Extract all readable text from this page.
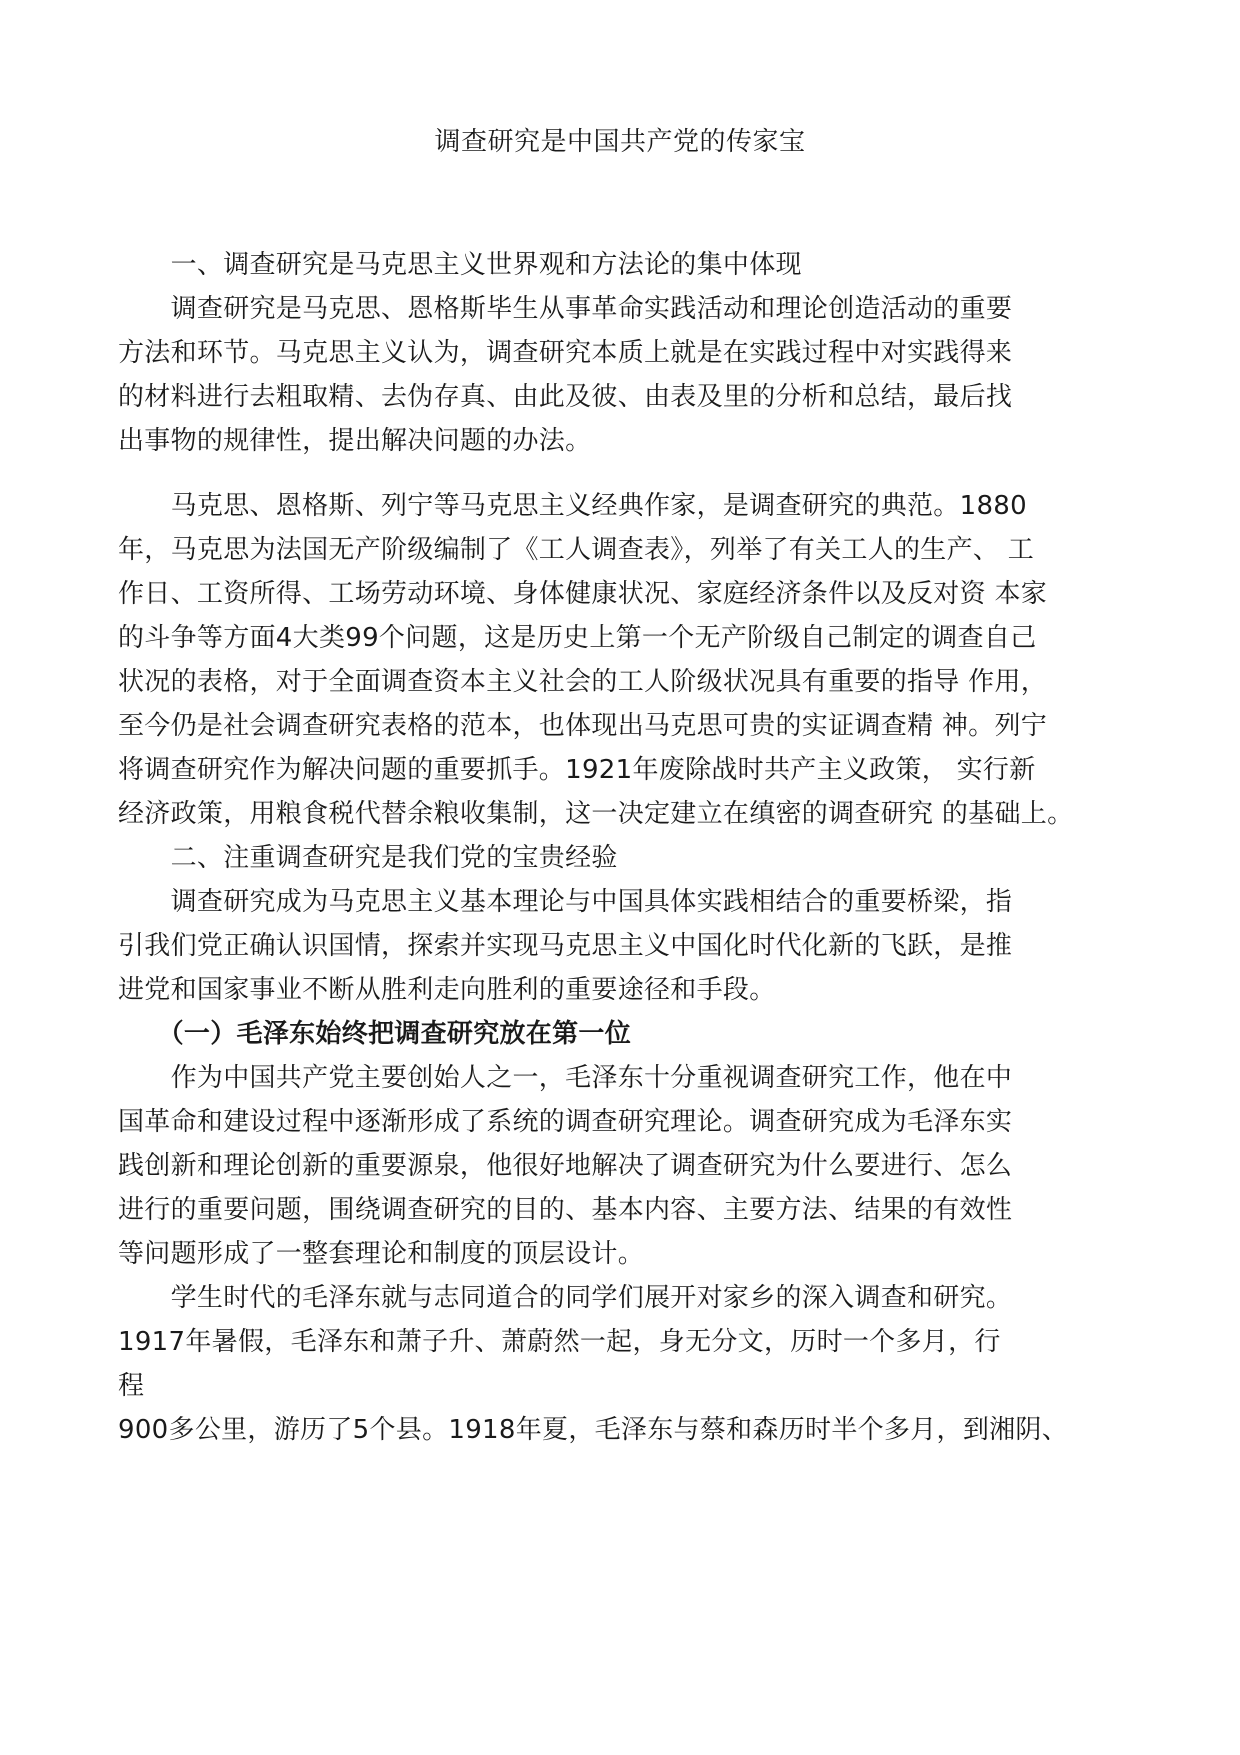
调查研究是中国共产党的传家宝
　　一、调查研究是马克思主义世界观和方法论的集中体现
　　调查研究是马克思、恩格斯毕生从事革命实践活动和理论创造活动的重要
方法和环节。马克思主义认为，调查研究本质上就是在实践过程中对实践得来
的材料进行去粗取精、去伪存真、由此及彼、由表及里的分析和总结，最后找
出事物的规律性，提出解决问题的办法。
　　马克思、恩格斯、列宁等马克思主义经典作家，是调查研究的典范。1880
年，马克思为法国无产阶级编制了《工人调查表》，列举了有关工人的生产、 工
作日、工资所得、工场劳动环境、身体健康状况、家庭经济条件以及反对资 本家
的斗争等方面4大类99个问题，这是历史上第一个无产阶级自己制定的调查自己
状况的表格，对于全面调查资本主义社会的工人阶级状况具有重要的指导 作用，
至今仍是社会调查研究表格的范本，也体现出马克思可贵的实证调查精 神。列宁
将调查研究作为解决问题的重要抓手。1921年废除战时共产主义政策， 实行新
经济政策，用粮食税代替余粮收集制，这一决定建立在缜密的调查研究 的基础上。
　　二、注重调查研究是我们党的宝贵经验
　　调查研究成为马克思主义基本理论与中国具体实践相结合的重要桥梁，指
引我们党正确认识国情，探索并实现马克思主义中国化时代化新的飞跃，是推
进党和国家事业不断从胜利走向胜利的重要途径和手段。
　　（一）毛泽东始终把调查研究放在第一位
　　作为中国共产党主要创始人之一，毛泽东十分重视调查研究工作，他在中
国革命和建设过程中逐渐形成了系统的调查研究理论。调查研究成为毛泽东实
践创新和理论创新的重要源泉，他很好地解决了调查研究为什么要进行、怎么
进行的重要问题，围绕调查研究的目的、基本内容、主要方法、结果的有效性
等问题形成了一整套理论和制度的顶层设计。
　　学生时代的毛泽东就与志同道合的同学们展开对家乡的深入调查和研究。
1917年暑假，毛泽东和萧子升、萧蔚然一起，身无分文，历时一个多月，行
程
900多公里，游历了5个县。1918年夏，毛泽东与蔡和森历时半个多月，到湘阴、
